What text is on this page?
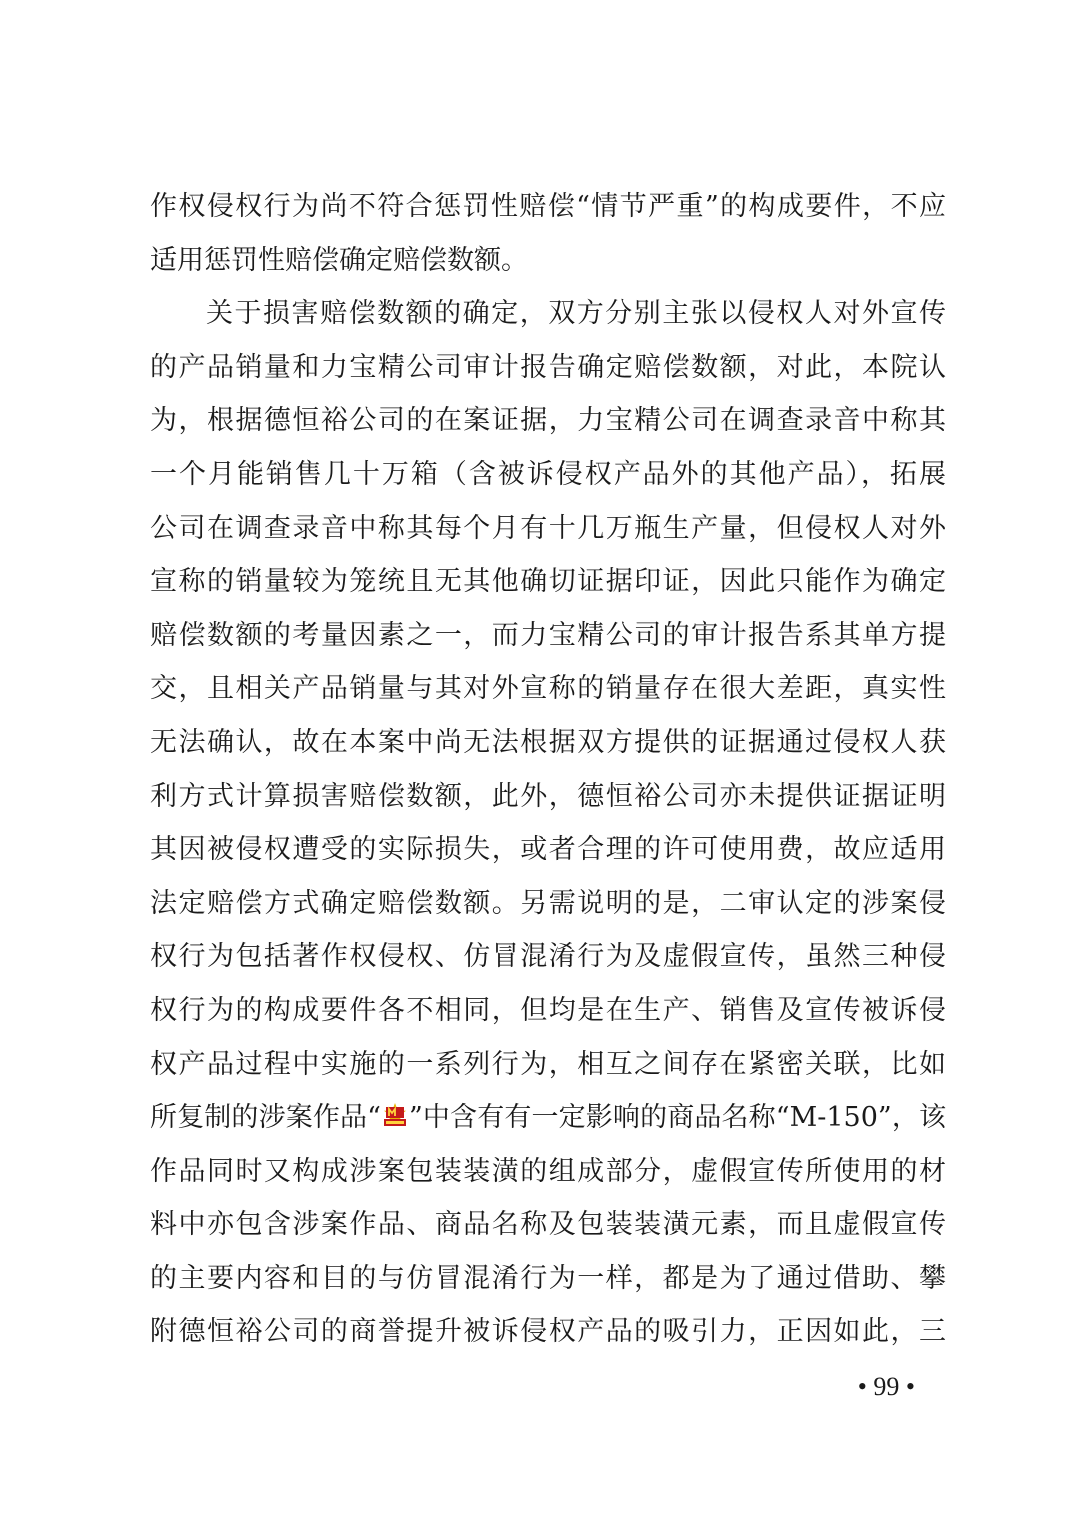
作权侵权行为尚不符合惩罚性赔偿“情节严重”的构成要件，不应
适用惩罚性赔偿确定赔偿数额。
关于损害赔偿数额的确定，双方分别主张以侵权人对外宣传
的产品销量和力宝精公司审计报告确定赔偿数额，对此，本院认
为，根据德恒裕公司的在案证据，力宝精公司在调查录音中称其
一个月能销售几十万箱（含被诉侵权产品外的其他产品），拓展
公司在调查录音中称其每个月有十几万瓶生产量，但侵权人对外
宣称的销量较为笼统且无其他确切证据印证，因此只能作为确定
赔偿数额的考量因素之一，而力宝精公司的审计报告系其单方提
交，且相关产品销量与其对外宣称的销量存在很大差距，真实性
无法确认，故在本案中尚无法根据双方提供的证据通过侵权人获
利方式计算损害赔偿数额，此外，德恒裕公司亦未提供证据证明
其因被侵权遭受的实际损失，或者合理的许可使用费，故应适用
法定赔偿方式确定赔偿数额。另需说明的是，二审认定的涉案侵
权行为包括著作权侵权、仿冒混淆行为及虚假宣传，虽然三种侵
权行为的构成要件各不相同，但均是在生产、销售及宣传被诉侵
权产品过程中实施的一系列行为，相互之间存在紧密关联，比如
所复制的涉案作品“ ”中含有有一定影响的商品名称“M-150”，该
作品同时又构成涉案包装装潢的组成部分，虚假宣传所使用的材
料中亦包含涉案作品、商品名称及包装装潢元素，而且虚假宣传
的主要内容和目的与仿冒混淆行为一样，都是为了通过借助、攀
附德恒裕公司的商誉提升被诉侵权产品的吸引力，正因如此，三
• 99 •
